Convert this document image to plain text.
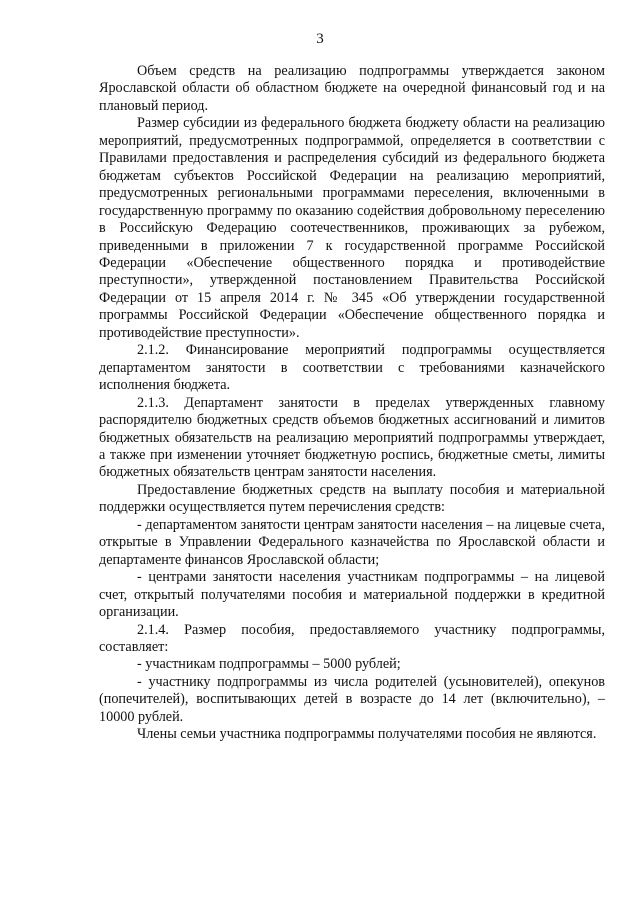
3

Объем средств на реализацию подпрограммы утверждается законом Ярославской области об областном бюджете на очередной финансовый год и на плановый период.

Размер субсидии из федерального бюджета бюджету области на реализацию мероприятий, предусмотренных подпрограммой, определяется в соответствии с Правилами предоставления и распределения субсидий из федерального бюджета бюджетам субъектов Российской Федерации на реализацию мероприятий, предусмотренных региональными программами переселения, включенными в государственную программу по оказанию содействия добровольному переселению в Российскую Федерацию соотечественников, проживающих за рубежом, приведенными в приложении 7 к государственной программе Российской Федерации «Обеспечение общественного порядка и противодействие преступности», утвержденной постановлением Правительства Российской Федерации от 15 апреля 2014 г. № 345 «Об утверждении государственной программы Российской Федерации «Обеспечение общественного порядка и противодействие преступности».

2.1.2. Финансирование мероприятий подпрограммы осуществляется департаментом занятости в соответствии с требованиями казначейского исполнения бюджета.

2.1.3. Департамент занятости в пределах утвержденных главному распорядителю бюджетных средств объемов бюджетных ассигнований и лимитов бюджетных обязательств на реализацию мероприятий подпрограммы утверждает, а также при изменении уточняет бюджетную роспись, бюджетные сметы, лимиты бюджетных обязательств центрам занятости населения.

Предоставление бюджетных средств на выплату пособия и материальной поддержки осуществляется путем перечисления средств:

- департаментом занятости центрам занятости населения – на лицевые счета, открытые в Управлении Федерального казначейства по Ярославской области и департаменте финансов Ярославской области;

- центрами занятости населения участникам подпрограммы – на лицевой счет, открытый получателями пособия и материальной поддержки в кредитной организации.

2.1.4. Размер пособия, предоставляемого участнику подпрограммы, составляет:

- участникам подпрограммы – 5000 рублей;

- участнику подпрограммы из числа родителей (усыновителей), опекунов (попечителей), воспитывающих детей в возрасте до 14 лет (включительно), – 10000 рублей.

Члены семьи участника подпрограммы получателями пособия не являются.
